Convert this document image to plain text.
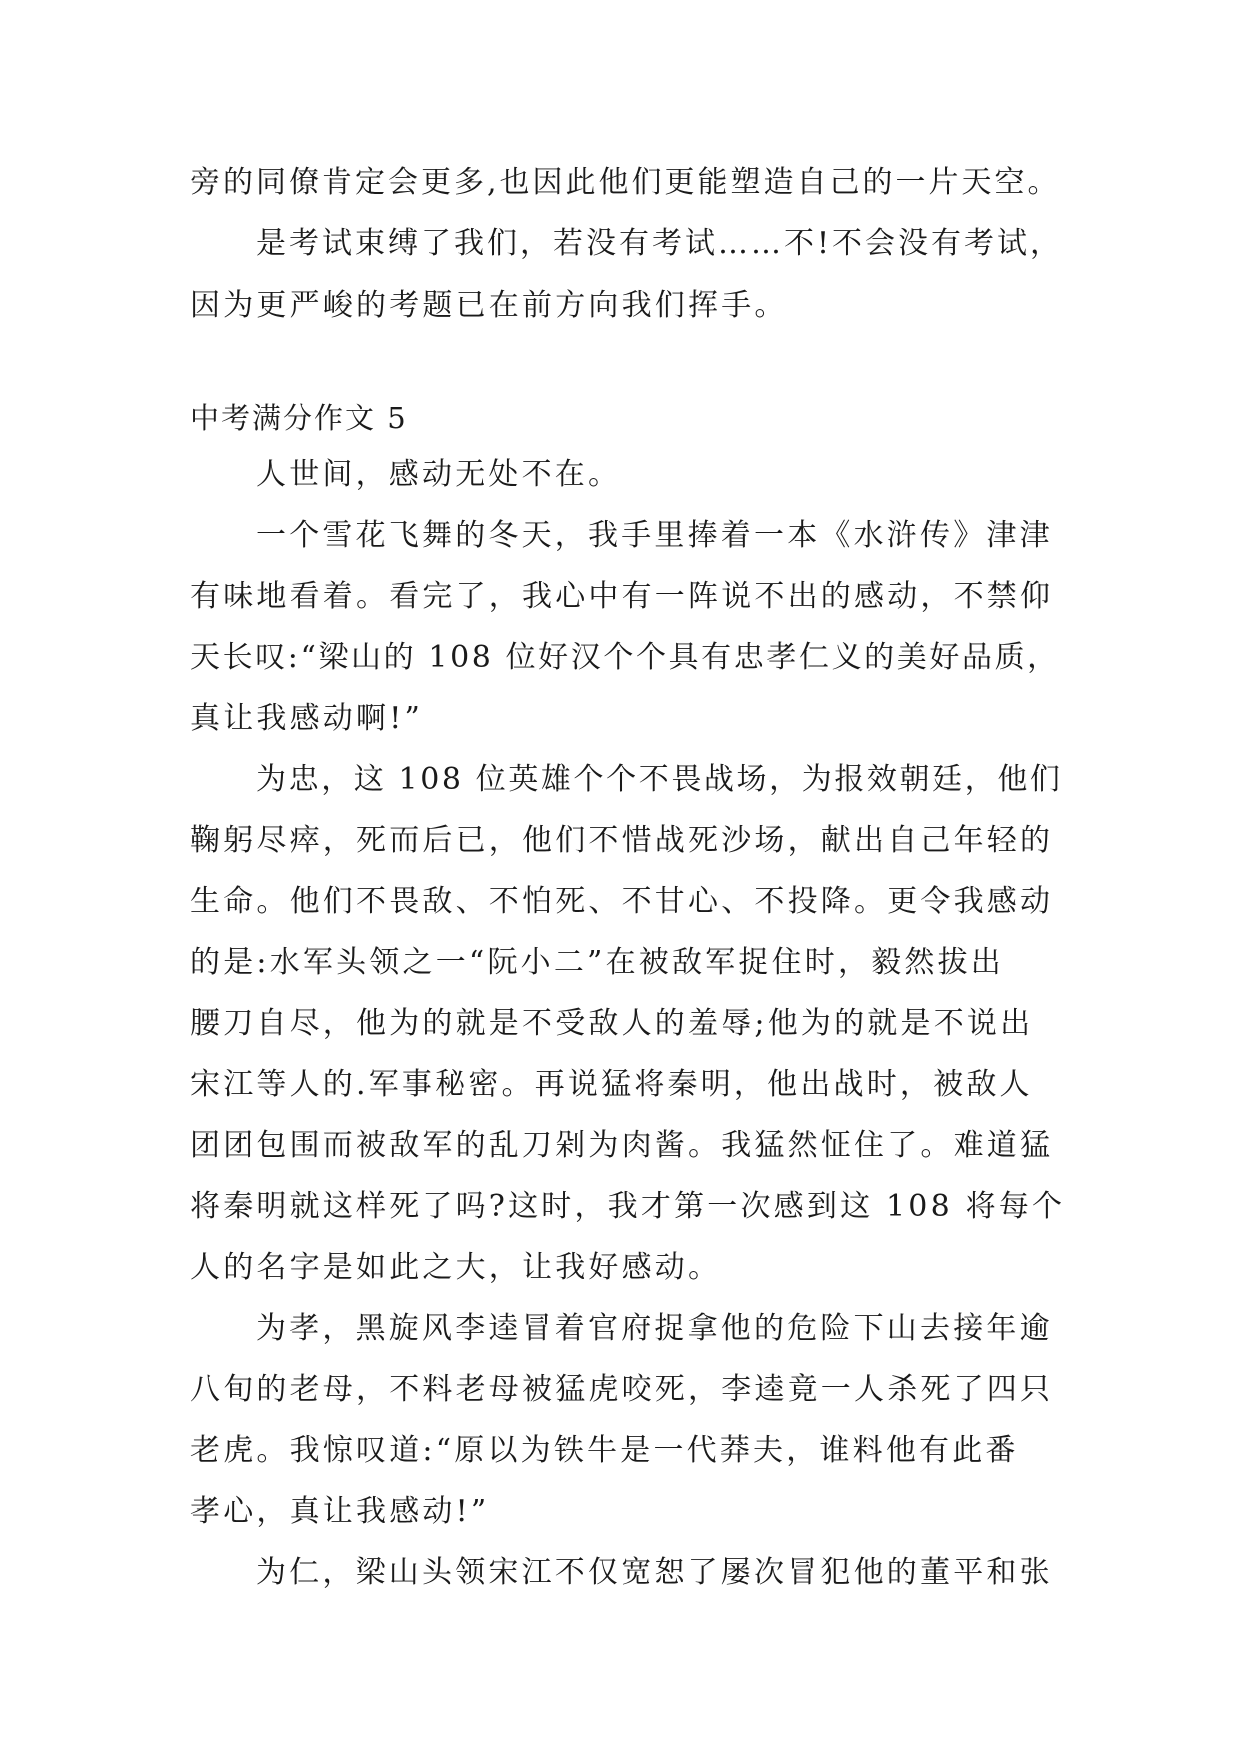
旁的同僚肯定会更多,也因此他们更能塑造自己的一片天空。
是考试束缚了我们，若没有考试……不!不会没有考试，
因为更严峻的考题已在前方向我们挥手。
中考满分作文 5
人世间，感动无处不在。
一个雪花飞舞的冬天，我手里捧着一本《水浒传》津津
有味地看着。看完了，我心中有一阵说不出的感动，不禁仰
天长叹:“梁山的 108 位好汉个个具有忠孝仁义的美好品质，
真让我感动啊!”
为忠，这 108 位英雄个个不畏战场，为报效朝廷，他们
鞠躬尽瘁，死而后已，他们不惜战死沙场，献出自己年轻的
生命。他们不畏敌、不怕死、不甘心、不投降。更令我感动
的是:水军头领之一“阮小二”在被敌军捉住时，毅然拔出
腰刀自尽，他为的就是不受敌人的羞辱;他为的就是不说出
宋江等人的.军事秘密。再说猛将秦明，他出战时，被敌人
团团包围而被敌军的乱刀剁为肉酱。我猛然怔住了。难道猛
将秦明就这样死了吗?这时，我才第一次感到这 108 将每个
人的名字是如此之大，让我好感动。
为孝，黑旋风李逵冒着官府捉拿他的危险下山去接年逾
八旬的老母，不料老母被猛虎咬死，李逵竟一人杀死了四只
老虎。我惊叹道:“原以为铁牛是一代莽夫，谁料他有此番
孝心，真让我感动!”
为仁，梁山头领宋江不仅宽恕了屡次冒犯他的董平和张
